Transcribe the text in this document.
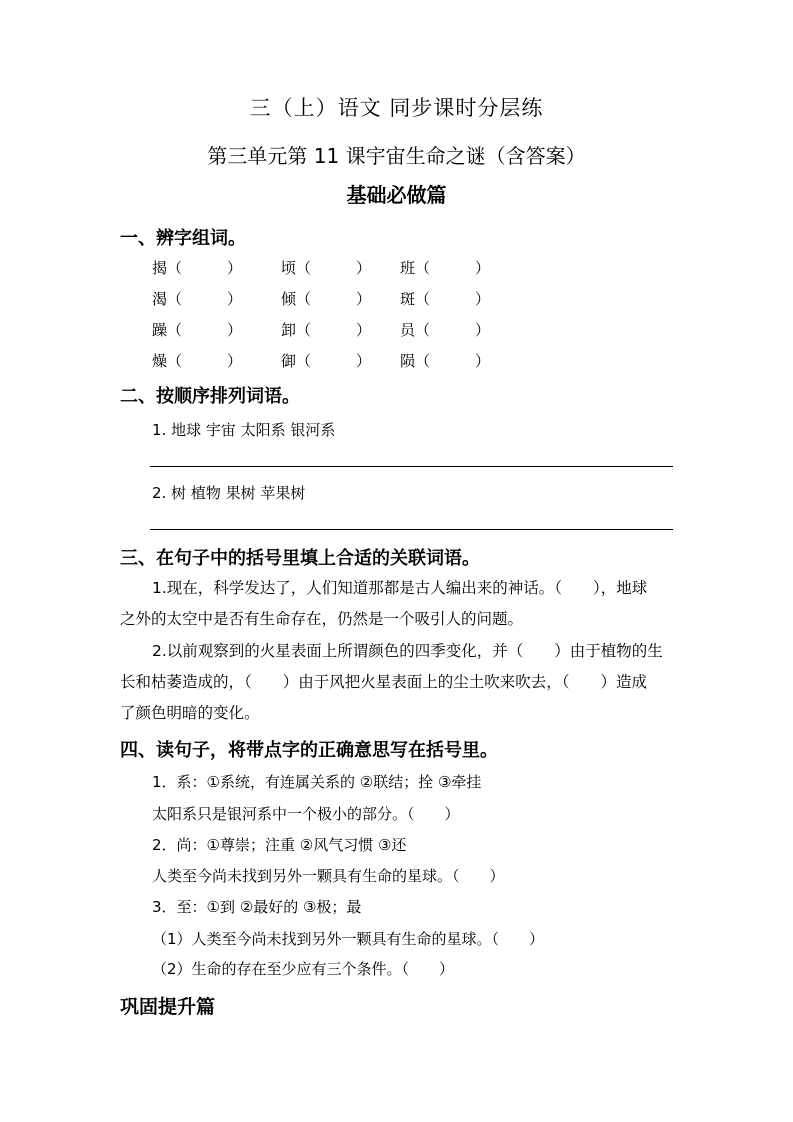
三（上）语文 同步课时分层练
第三单元第 11 课宇宙生命之谜（含答案）
基础必做篇
一、辨字组词。
揭（　　　）	顷（　　　） 班（　　　）
渴（　　　）	倾（　　　） 斑（　　　）
躁（　　　）	卸（　　　） 员（　　　）
燥（　　　）	御（　　　） 陨（　　　）
二、按顺序排列词语。
1. 地球 宇宙 太阳系 银河系
2. 树 植物 果树 苹果树
三、在句子中的括号里填上合适的关联词语。
1.现在，科学发达了，人们知道那都是古人编出来的神话。（　　），地球
之外的太空中是否有生命存在，仍然是一个吸引人的问题。
2.以前观察到的火星表面上所谓颜色的四季变化，并（　　）由于植物的生
长和枯萎造成的，（　　）由于风把火星表面上的尘土吹来吹去，（　　）造成
了颜色明暗的变化。
四、读句子，将带点字的正确意思写在括号里。
1．系：①系统，有连属关系的 ②联结；拴 ③牵挂
太阳系只是银河系中一个极小的部分。（　　）
2．尚：①尊崇；注重 ②风气习惯 ③还
人类至今尚未找到另外一颗具有生命的星球。（　　）
3．至：①到 ②最好的 ③极；最
（1）人类至今尚未找到另外一颗具有生命的星球。（　　）
（2）生命的存在至少应有三个条件。（　　）
巩固提升篇
